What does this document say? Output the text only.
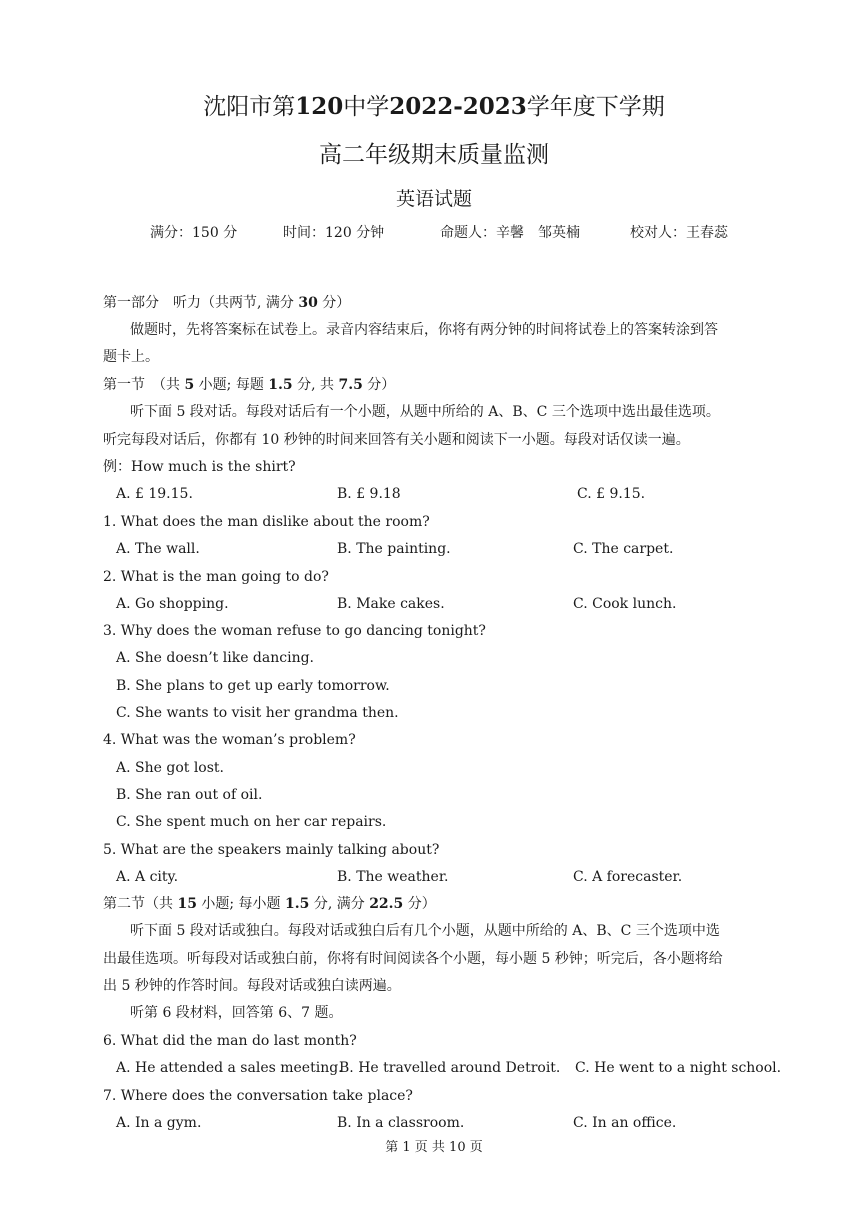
沈阳市第120中学2022-2023学年度下学期
高二年级期末质量监测
英语试题
满分：150 分	时间：120 分钟	命题人：辛馨　 邹英楠	校对人：王春蕊
第一部分　听力（共两节, 满分 30 分）
做题时，先将答案标在试卷上。录音内容结束后，你将有两分钟的时间将试卷上的答案转涂到答
题卡上。
第一节　（共 5 小题; 每题 1.5 分, 共 7.5 分）
听下面 5 段对话。每段对话后有一个小题，从题中所给的 A、B、C 三个选项中选出最佳选项。
听完每段对话后，你都有 10 秒钟的时间来回答有关小题和阅读下一小题。每段对话仅读一遍。
例：How much is the shirt?
A. £ 19.15.	B. £ 9.18	C. £ 9.15.
1. What does the man dislike about the room?
A. The wall.	B. The painting.	C. The carpet.
2. What is the man going to do?
A. Go shopping.	B. Make cakes.	C. Cook lunch.
3. Why does the woman refuse to go dancing tonight?
A. She doesn’t like dancing.
B. She plans to get up early tomorrow.
C. She wants to visit her grandma then.
4. What was the woman’s problem?
A. She got lost.
B. She ran out of oil.
C. She spent much on her car repairs.
5. What are the speakers mainly talking about?
A. A city.	B. The weather.	C. A forecaster.
第二节（共 15 小题; 每小题 1.5 分, 满分 22.5 分）
听下面 5 段对话或独白。每段对话或独白后有几个小题，从题中所给的 A、B、C 三个选项中选
出最佳选项。听每段对话或独白前，你将有时间阅读各个小题，每小题 5 秒钟；听完后，各小题将给
出 5 秒钟的作答时间。每段对话或独白读两遍。
听第 6 段材料，回答第 6、7 题。
6. What did the man do last month?
A. He attended a sales meeting.
B. He travelled around Detroit. C. He went to a night school.
7. Where does the conversation take place?
A. In a gym.	B. In a classroom.	C. In an office.
第 1 页 共 10 页
